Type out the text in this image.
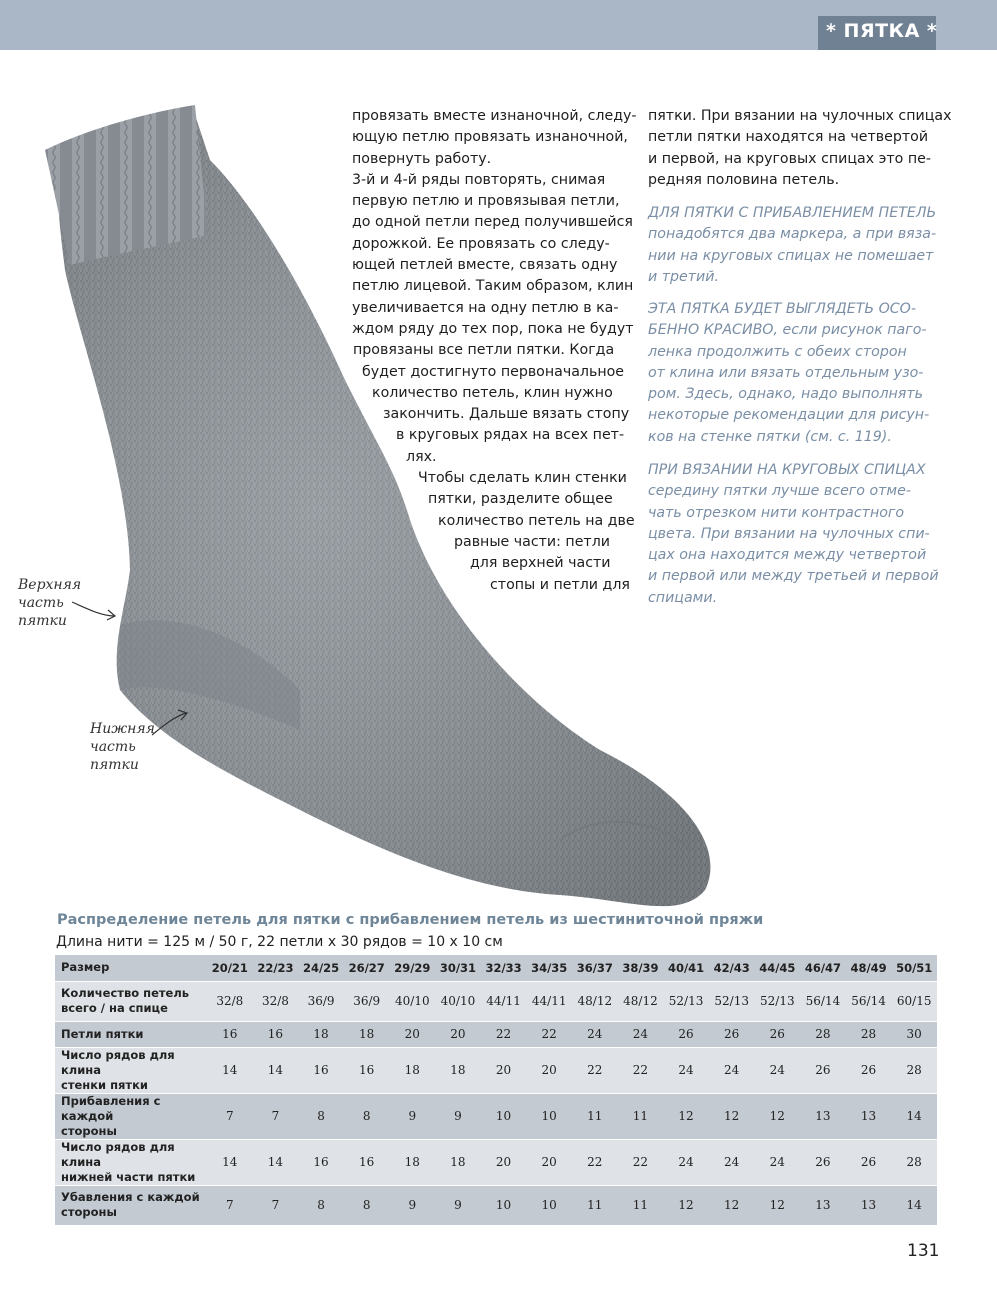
* ПЯТКА *
Верхняя
часть
пятки
Нижняя
часть
пятки
провязать вместе изнаночной, следу-
ющую петлю провязать изнаночной,
повернуть работу.
3-й и 4-й ряды повторять, снимая
первую петлю и провязывая петли,
до одной петли перед получившейся
дорожкой. Ее провязать со следу-
ющей петлей вместе, связать одну
петлю лицевой. Таким образом, клин
увеличивается на одну петлю в ка-
ждом ряду до тех пор, пока не будут
провязаны все петли пятки. Когда
будет достигнуто первоначальное
количество петель, клин нужно
закончить. Дальше вязать стопу
в круговых рядах на всех пет-
лях.
Чтобы сделать клин стенки
пятки, разделите общее
количество петель на две
равные части: петли
для верхней части
стопы и петли для
пятки. При вязании на чулочных спицах
петли пятки находятся на четвертой
и первой, на круговых спицах это пе-
редняя половина петель.
ДЛЯ ПЯТКИ С ПРИБАВЛЕНИЕМ ПЕТЕЛЬ
понадобятся два маркера, а при вяза-
нии на круговых спицах не помешает
и третий.
ЭТА ПЯТКА БУДЕТ ВЫГЛЯДЕТЬ ОСО-
БЕННО КРАСИВО, если рисунок паго-
ленка продолжить с обеих сторон
от клина или вязать отдельным узо-
ром. Здесь, однако, надо выполнять
некоторые рекомендации для рисун-
ков на стенке пятки (см. с. 119).
ПРИ ВЯЗАНИИ НА КРУГОВЫХ СПИЦАХ
середину пятки лучше всего отме-
чать отрезком нити контрастного
цвета. При вязании на чулочных спи-
цах она находится между четвертой
и первой или между третьей и первой
спицами.
Распределение петель для пятки с прибавлением петель из шестиниточной пряжи
Длина нити = 125 м / 50 г, 22 петли х 30 рядов = 10 х 10 см
Размер	20/21	22/23	24/25	26/27	29/29	30/31	32/33	34/35	36/37	38/39	40/41	42/43	44/45	46/47	48/49	50/51

Количество петель
всего / на спице	32/8	32/8	36/9	36/9	40/10	40/10	44/11	44/11	48/12	48/12	52/13	52/13	52/13	56/14	56/14	60/15

Петли пятки	16	16	18	18	20	20	22	22	24	24	26	26	26	28	28	30

Число рядов для клина
стенки пятки	14	14	16	16	18	18	20	20	22	22	24	24	24	26	26	28

Прибавления с каждой
стороны	7	7	8	8	9	9	10	10	11	11	12	12	12	13	13	14

Число рядов для клина
нижней части пятки	14	14	16	16	18	18	20	20	22	22	24	24	24	26	26	28

Убавления с каждой
стороны	7	7	8	8	9	9	10	10	11	11	12	12	12	13	13	14
131
